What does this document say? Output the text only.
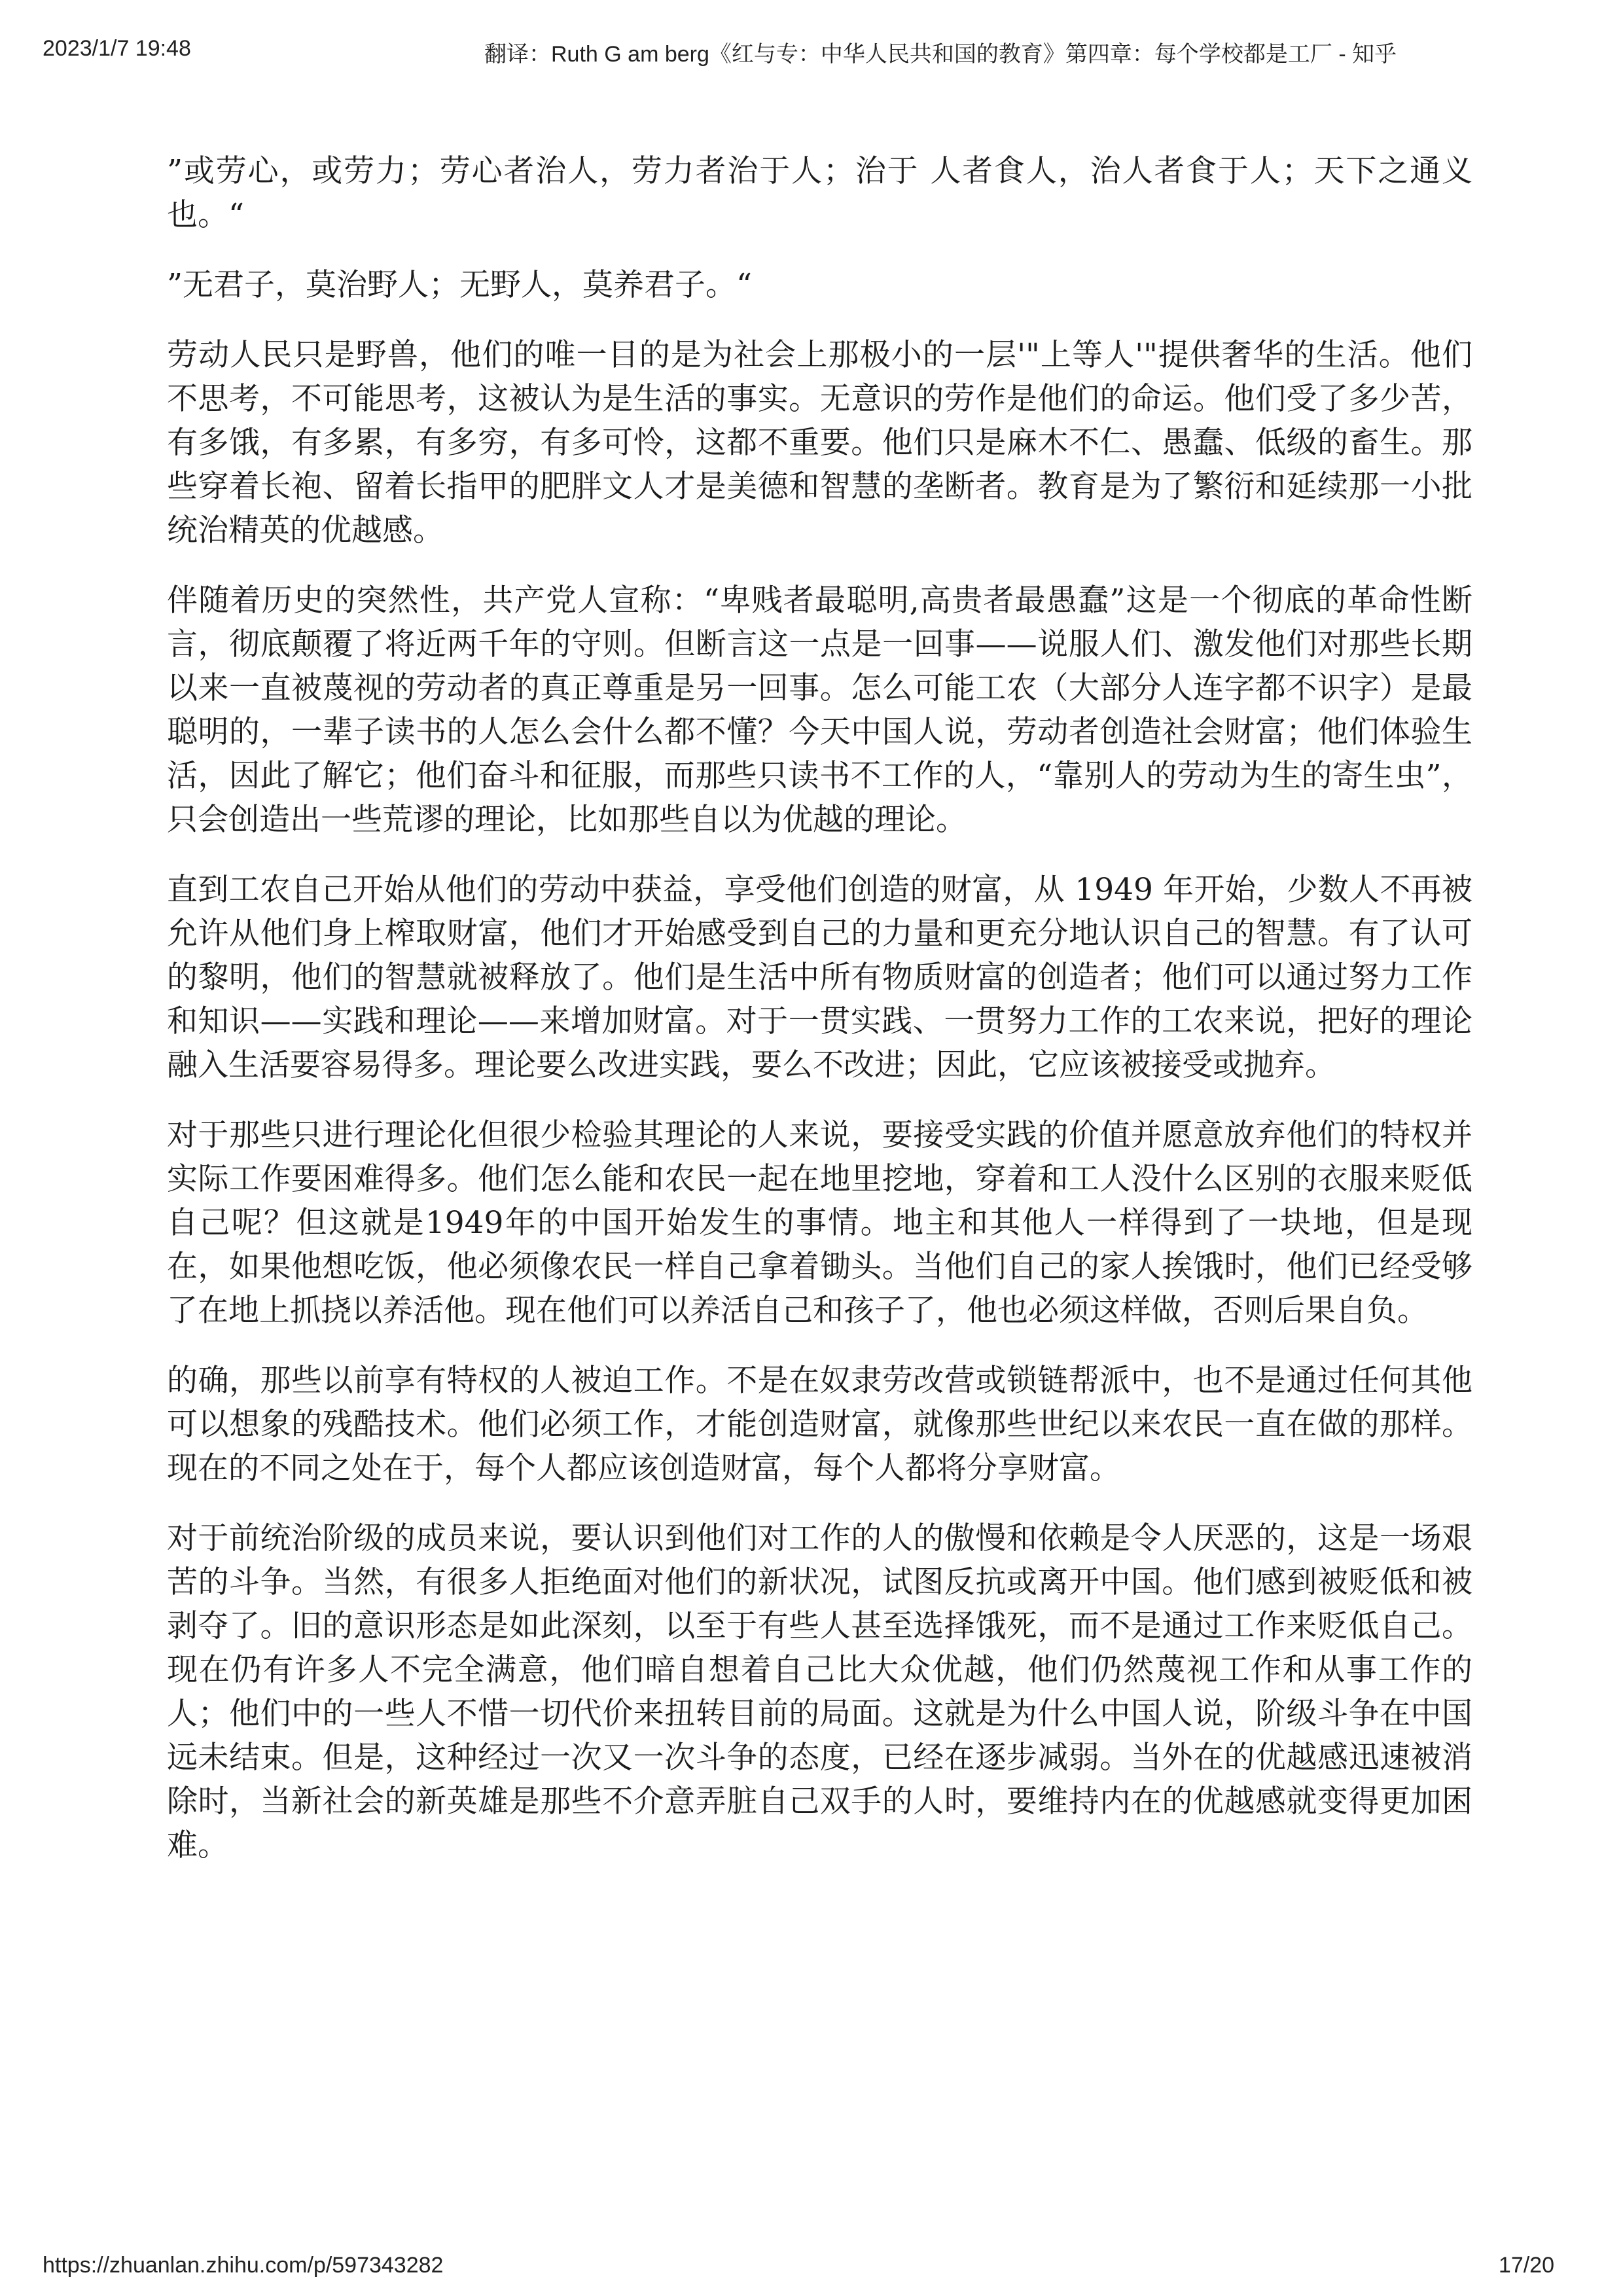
2023/1/7 19:48	翻译：Ruth G am berg《红与专：中华人民共和国的教育》第四章：每个学校都是工厂 - 知乎

”或劳心，或劳力；劳心者治人，劳力者治于人；治于 人者食人，治人者食于人；天下之通义也。“

”无君子，莫治野人；无野人，莫养君子。“

劳动人民只是野兽，他们的唯一目的是为社会上那极小的一层'"上等人'"提供奢华的生活。他们不思考，不可能思考，这被认为是生活的事实。无意识的劳作是他们的命运。他们受了多少苦，有多饿，有多累，有多穷，有多可怜，这都不重要。他们只是麻木不仁、愚蠢、低级的畜生。那些穿着长袍、留着长指甲的肥胖文人才是美德和智慧的垄断者。教育是为了繁衍和延续那一小批统治精英的优越感。

伴随着历史的突然性，共产党人宣称：“卑贱者最聪明,高贵者最愚蠢”这是一个彻底的革命性断言，彻底颠覆了将近两千年的守则。但断言这一点是一回事——说服人们、激发他们对那些长期以来一直被蔑视的劳动者的真正尊重是另一回事。怎么可能工农（大部分人连字都不识字）是最聪明的，一辈子读书的人怎么会什么都不懂？今天中国人说，劳动者创造社会财富；他们体验生活，因此了解它；他们奋斗和征服，而那些只读书不工作的人，“靠别人的劳动为生的寄生虫”，只会创造出一些荒谬的理论，比如那些自以为优越的理论。

直到工农自己开始从他们的劳动中获益，享受他们创造的财富，从 1949 年开始，少数人不再被允许从他们身上榨取财富，他们才开始感受到自己的力量和更充分地认识自己的智慧。有了认可的黎明，他们的智慧就被释放了。他们是生活中所有物质财富的创造者；他们可以通过努力工作和知识——实践和理论——来增加财富。对于一贯实践、一贯努力工作的工农来说，把好的理论融入生活要容易得多。理论要么改进实践，要么不改进；因此，它应该被接受或抛弃。

对于那些只进行理论化但很少检验其理论的人来说，要接受实践的价值并愿意放弃他们的特权并实际工作要困难得多。他们怎么能和农民一起在地里挖地，穿着和工人没什么区别的衣服来贬低自己呢？但这就是1949年的中国开始发生的事情。地主和其他人一样得到了一块地，但是现在，如果他想吃饭，他必须像农民一样自己拿着锄头。当他们自己的家人挨饿时，他们已经受够了在地上抓挠以养活他。现在他们可以养活自己和孩子了，他也必须这样做，否则后果自负。

的确，那些以前享有特权的人被迫工作。不是在奴隶劳改营或锁链帮派中，也不是通过任何其他可以想象的残酷技术。他们必须工作，才能创造财富，就像那些世纪以来农民一直在做的那样。现在的不同之处在于，每个人都应该创造财富，每个人都将分享财富。

对于前统治阶级的成员来说，要认识到他们对工作的人的傲慢和依赖是令人厌恶的，这是一场艰苦的斗争。当然，有很多人拒绝面对他们的新状况，试图反抗或离开中国。他们感到被贬低和被剥夺了。旧的意识形态是如此深刻，以至于有些人甚至选择饿死，而不是通过工作来贬低自己。现在仍有许多人不完全满意，他们暗自想着自己比大众优越，他们仍然蔑视工作和从事工作的人；他们中的一些人不惜一切代价来扭转目前的局面。这就是为什么中国人说，阶级斗争在中国远未结束。但是，这种经过一次又一次斗争的态度，已经在逐步减弱。当外在的优越感迅速被消除时，当新社会的新英雄是那些不介意弄脏自己双手的人时，要维持内在的优越感就变得更加困难。

https://zhuanlan.zhihu.com/p/597343282	17/20
